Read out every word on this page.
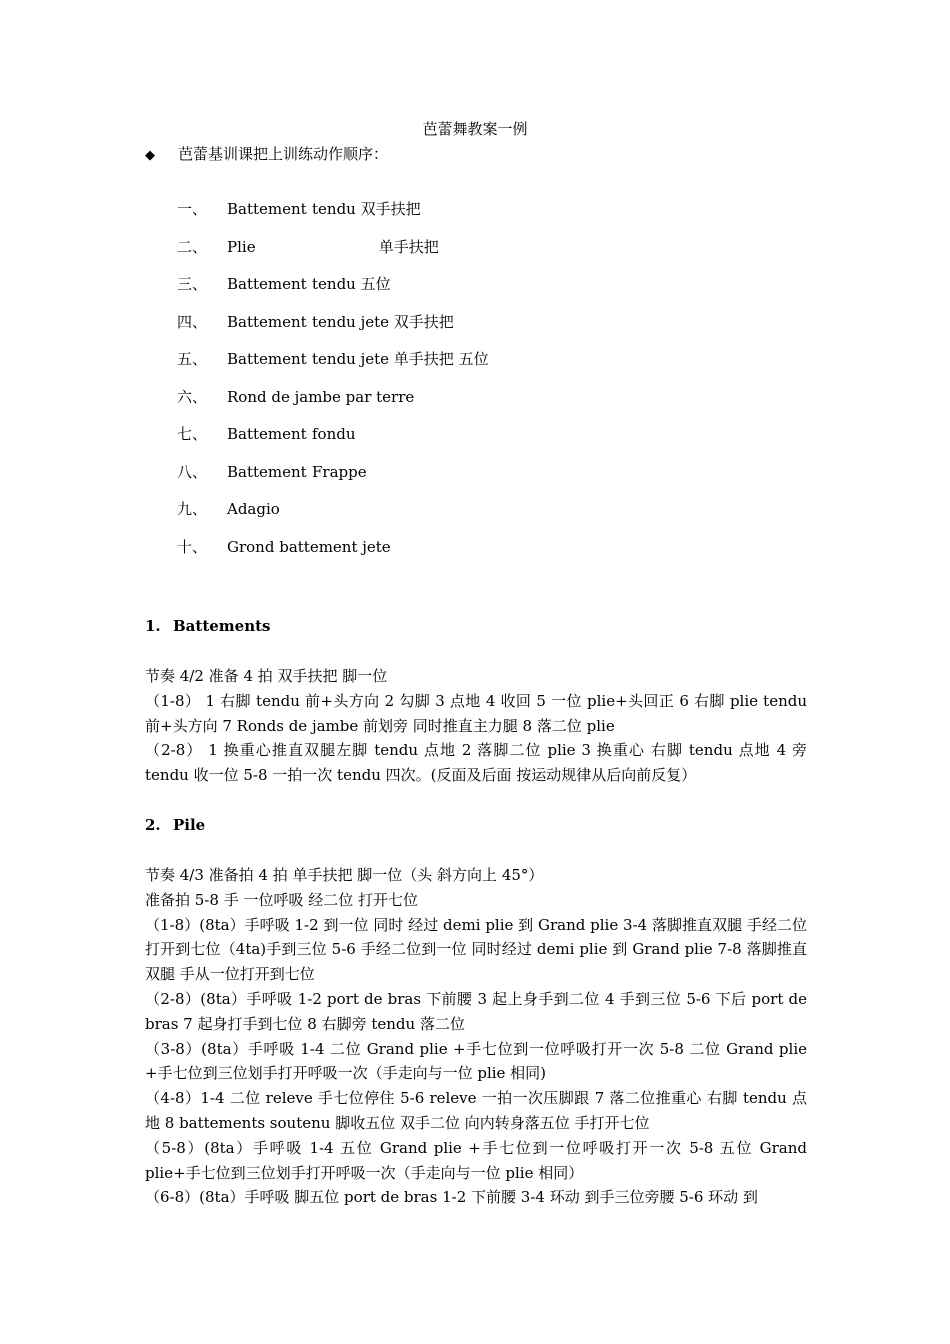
芭蕾舞教案一例
◆ 芭蕾基训课把上训练动作顺序：
一、 Battement tendu 双手扶把
二、 Plie	单手扶把
三、 Battement tendu 五位
四、 Battement tendu jete 双手扶把
五、 Battement tendu jete 单手扶把 五位
六、 Rond de jambe par terre
七、 Battement fondu
八、 Battement Frappe
九、 Adagio
十、 Grond battement jete
1. Battements

节奏 4/2 准备 4 拍 双手扶把 脚一位

（1-8） 1 右脚 tendu 前+头方向 2 勾脚 3 点地 4 收回 5 一位 plie+头回正 6 右脚 plie tendu 前+头方向 7 Ronds de jambe 前划旁 同时推直主力腿 8 落二位 plie

（2-8） 1 换重心推直双腿左脚 tendu 点地 2 落脚二位 plie 3 换重心 右脚 tendu 点地 4 旁 tendu 收一位 5-8 一拍一次 tendu 四次。(反面及后面 按运动规律从后向前反复）

2. Pile

节奏 4/3 准备拍 4 拍 单手扶把 脚一位（头 斜方向上 45°）

准备拍 5-8 手 一位呼吸 经二位 打开七位

（1-8）(8ta）手呼吸 1-2 到一位 同时 经过 demi plie 到 Grand plie 3-4 落脚推直双腿 手经二位打开到七位（4ta)手到三位 5-6 手经二位到一位 同时经过 demi plie 到 Grand plie 7-8 落脚推直双腿 手从一位打开到七位

（2-8）(8ta）手呼吸 1-2 port de bras 下前腰 3 起上身手到二位 4 手到三位 5-6 下后 port de bras 7 起身打手到七位 8 右脚旁 tendu 落二位

（3-8）(8ta）手呼吸 1-4 二位 Grand plie +手七位到一位呼吸打开一次 5-8 二位 Grand plie +手七位到三位划手打开呼吸一次（手走向与一位 plie 相同)

（4-8）1-4 二位 releve 手七位停住 5-6 releve 一拍一次压脚跟 7 落二位推重心 右脚 tendu 点地 8 battements soutenu 脚收五位 双手二位 向内转身落五位 手打开七位

（5-8）(8ta）手呼吸 1-4 五位 Grand plie +手七位到一位呼吸打开一次 5-8 五位 Grand plie+手七位到三位划手打开呼吸一次（手走向与一位 plie 相同）

（6-8）(8ta）手呼吸 脚五位 port de bras 1-2 下前腰 3-4 环动 到手三位旁腰 5-6 环动 到
